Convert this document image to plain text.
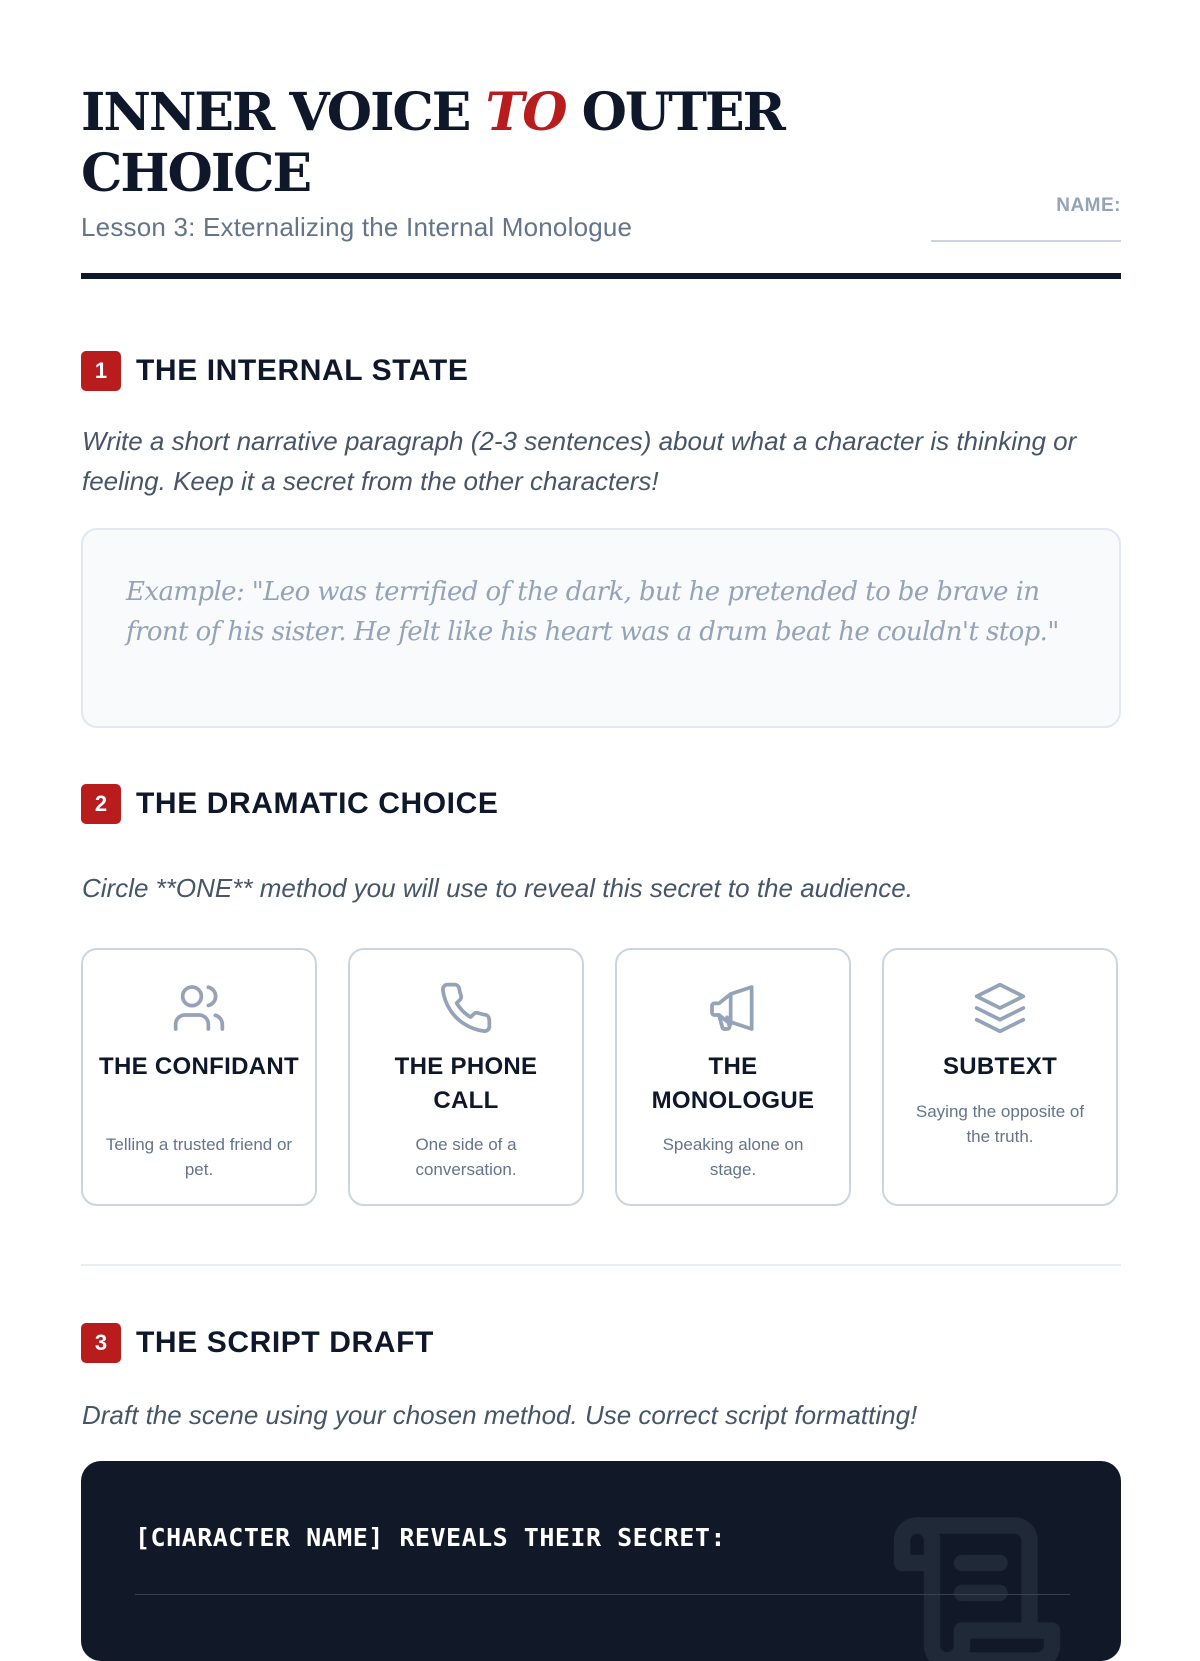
INNER VOICE TO OUTER CHOICE
Lesson 3: Externalizing the Internal Monologue
NAME:
1 THE INTERNAL STATE
Write a short narrative paragraph (2-3 sentences) about what a character is thinking or feeling. Keep it a secret from the other characters!
Example: "Leo was terrified of the dark, but he pretended to be brave in front of his sister. He felt like his heart was a drum beat he couldn't stop."
2 THE DRAMATIC CHOICE
Circle **ONE** method you will use to reveal this secret to the audience.
THE CONFIDANT
Telling a trusted friend or pet.
THE PHONE CALL
One side of a conversation.
THE MONOLOGUE
Speaking alone on stage.
SUBTEXT
Saying the opposite of the truth.
3 THE SCRIPT DRAFT
Draft the scene using your chosen method. Use correct script formatting!
[CHARACTER NAME] REVEALS THEIR SECRET:
